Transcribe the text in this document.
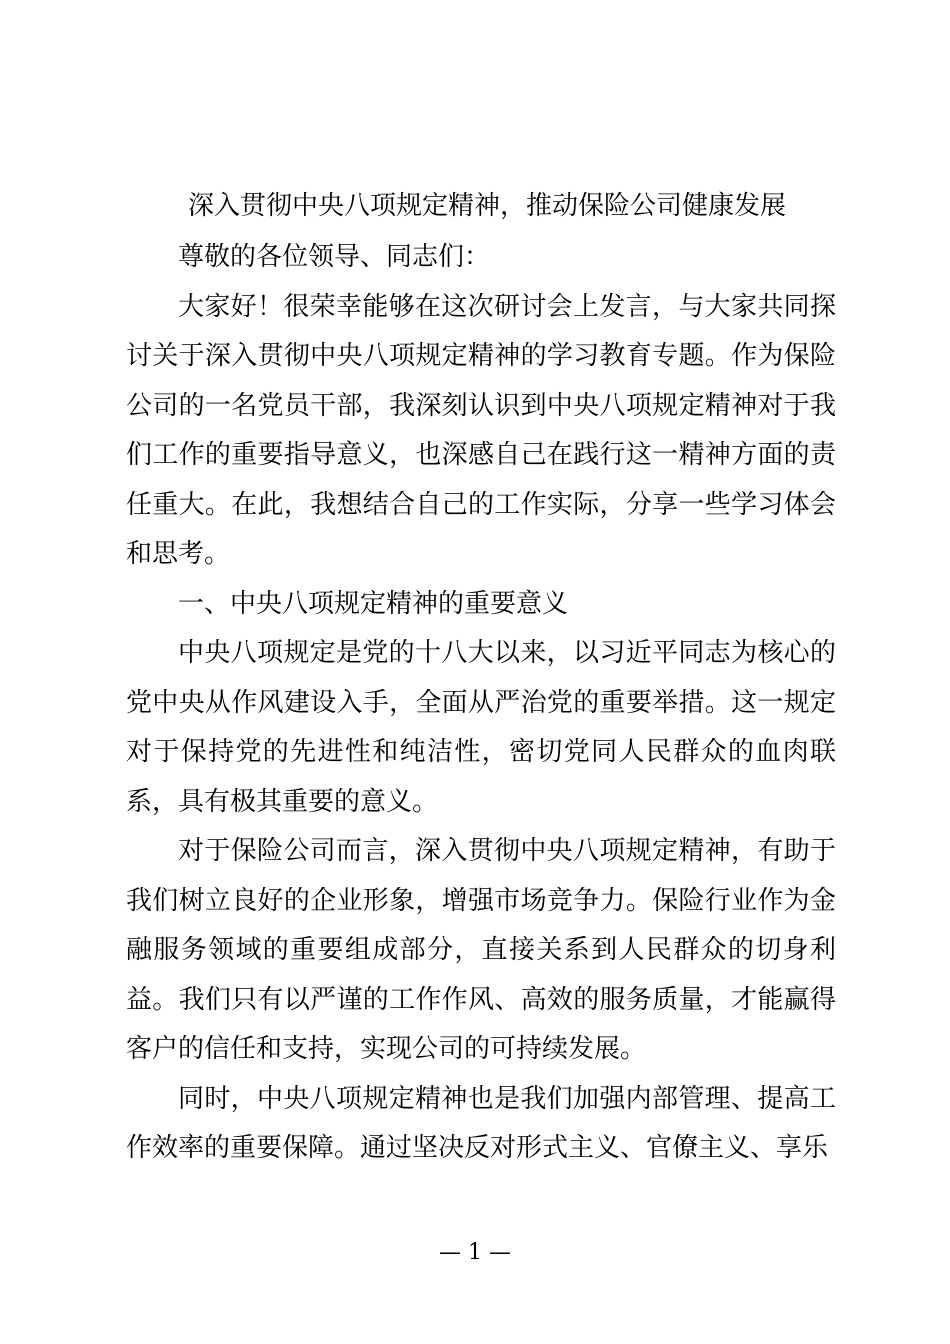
深入贯彻中央八项规定精神，推动保险公司健康发展

尊敬的各位领导、同志们：

大家好！很荣幸能够在这次研讨会上发言，与大家共同探讨关于深入贯彻中央八项规定精神的学习教育专题。作为保险公司的一名党员干部，我深刻认识到中央八项规定精神对于我们工作的重要指导意义，也深感自己在践行这一精神方面的责任重大。在此，我想结合自己的工作实际，分享一些学习体会和思考。

一、中央八项规定精神的重要意义

中央八项规定是党的十八大以来，以习近平同志为核心的党中央从作风建设入手，全面从严治党的重要举措。这一规定对于保持党的先进性和纯洁性，密切党同人民群众的血肉联系，具有极其重要的意义。

对于保险公司而言，深入贯彻中央八项规定精神，有助于我们树立良好的企业形象，增强市场竞争力。保险行业作为金融服务领域的重要组成部分，直接关系到人民群众的切身利益。我们只有以严谨的工作作风、高效的服务质量，才能赢得客户的信任和支持，实现公司的可持续发展。

同时，中央八项规定精神也是我们加强内部管理、提高工作效率的重要保障。通过坚决反对形式主义、官僚主义、享乐

— 1 —
